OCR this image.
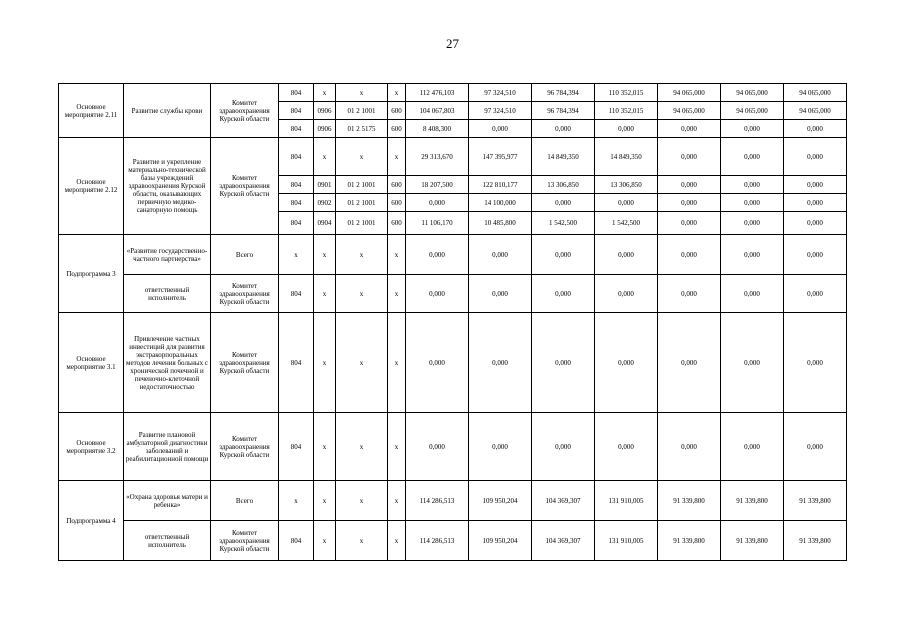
27
Основное мероприятие 2.11	Развитие службы крови	Комитет здравоохранения Курской области	804	x	x	x	112 476,103	97 324,510	96 784,394	110 352,015	94 065,000	94 065,000	94 065,000
			804	0906	01 2 1001	600	104 067,803	97 324,510	96 784,394	110 352,015	94 065,000	94 065,000	94 065,000
			804	0906	01 2 5175	600	8 408,300	0,000	0,000	0,000	0,000	0,000	0,000
Основное мероприятие 2.12	Развитие и укрепление материально-технической базы учреждений здравоохранения Курской области, оказывающих первичную медико-санаторную помощь	Комитет здравоохранения Курской области	804	x	x	x	29 313,670	147 395,977	14 849,350	14 849,350	0,000	0,000	0,000
			804	0901	01 2 1001	600	18 207,500	122 810,177	13 306,850	13 306,850	0,000	0,000	0,000
			804	0902	01 2 1001	600	0,000	14 100,000	0,000	0,000	0,000	0,000	0,000
			804	0904	01 2 1001	600	11 106,170	10 485,800	1 542,500	1 542,500	0,000	0,000	0,000
Подпрограмма 3	«Развитие государственно-частного партнерства»	Всего	x	x	x	x	0,000	0,000	0,000	0,000	0,000	0,000	0,000
	ответственный исполнитель	Комитет здравоохранения Курской области	804	x	x	x	0,000	0,000	0,000	0,000	0,000	0,000	0,000
Основное мероприятие 3.1	Привлечение частных инвестиций для развития экстракорпоральных методов лечения больных с хронической почечной и печеночно-клеточной недостаточностью	Комитет здравоохранения Курской области	804	x	x	x	0,000	0,000	0,000	0,000	0,000	0,000	0,000
Основное мероприятие 3.2	Развитие плановой амбулаторной диагностики заболеваний и реабилитационной помощи	Комитет здравоохранения Курской области	804	x	x	x	0,000	0,000	0,000	0,000	0,000	0,000	0,000
Подпрограмма 4	«Охрана здоровья матери и ребенка»	Всего	x	x	x	x	114 286,513	109 950,204	104 369,307	131 910,005	91 339,800	91 339,800	91 339,800
	ответственный исполнитель	Комитет здравоохранения Курской области	804	x	x	x	114 286,513	109 950,204	104 369,307	131 910,005	91 339,800	91 339,800	91 339,800
